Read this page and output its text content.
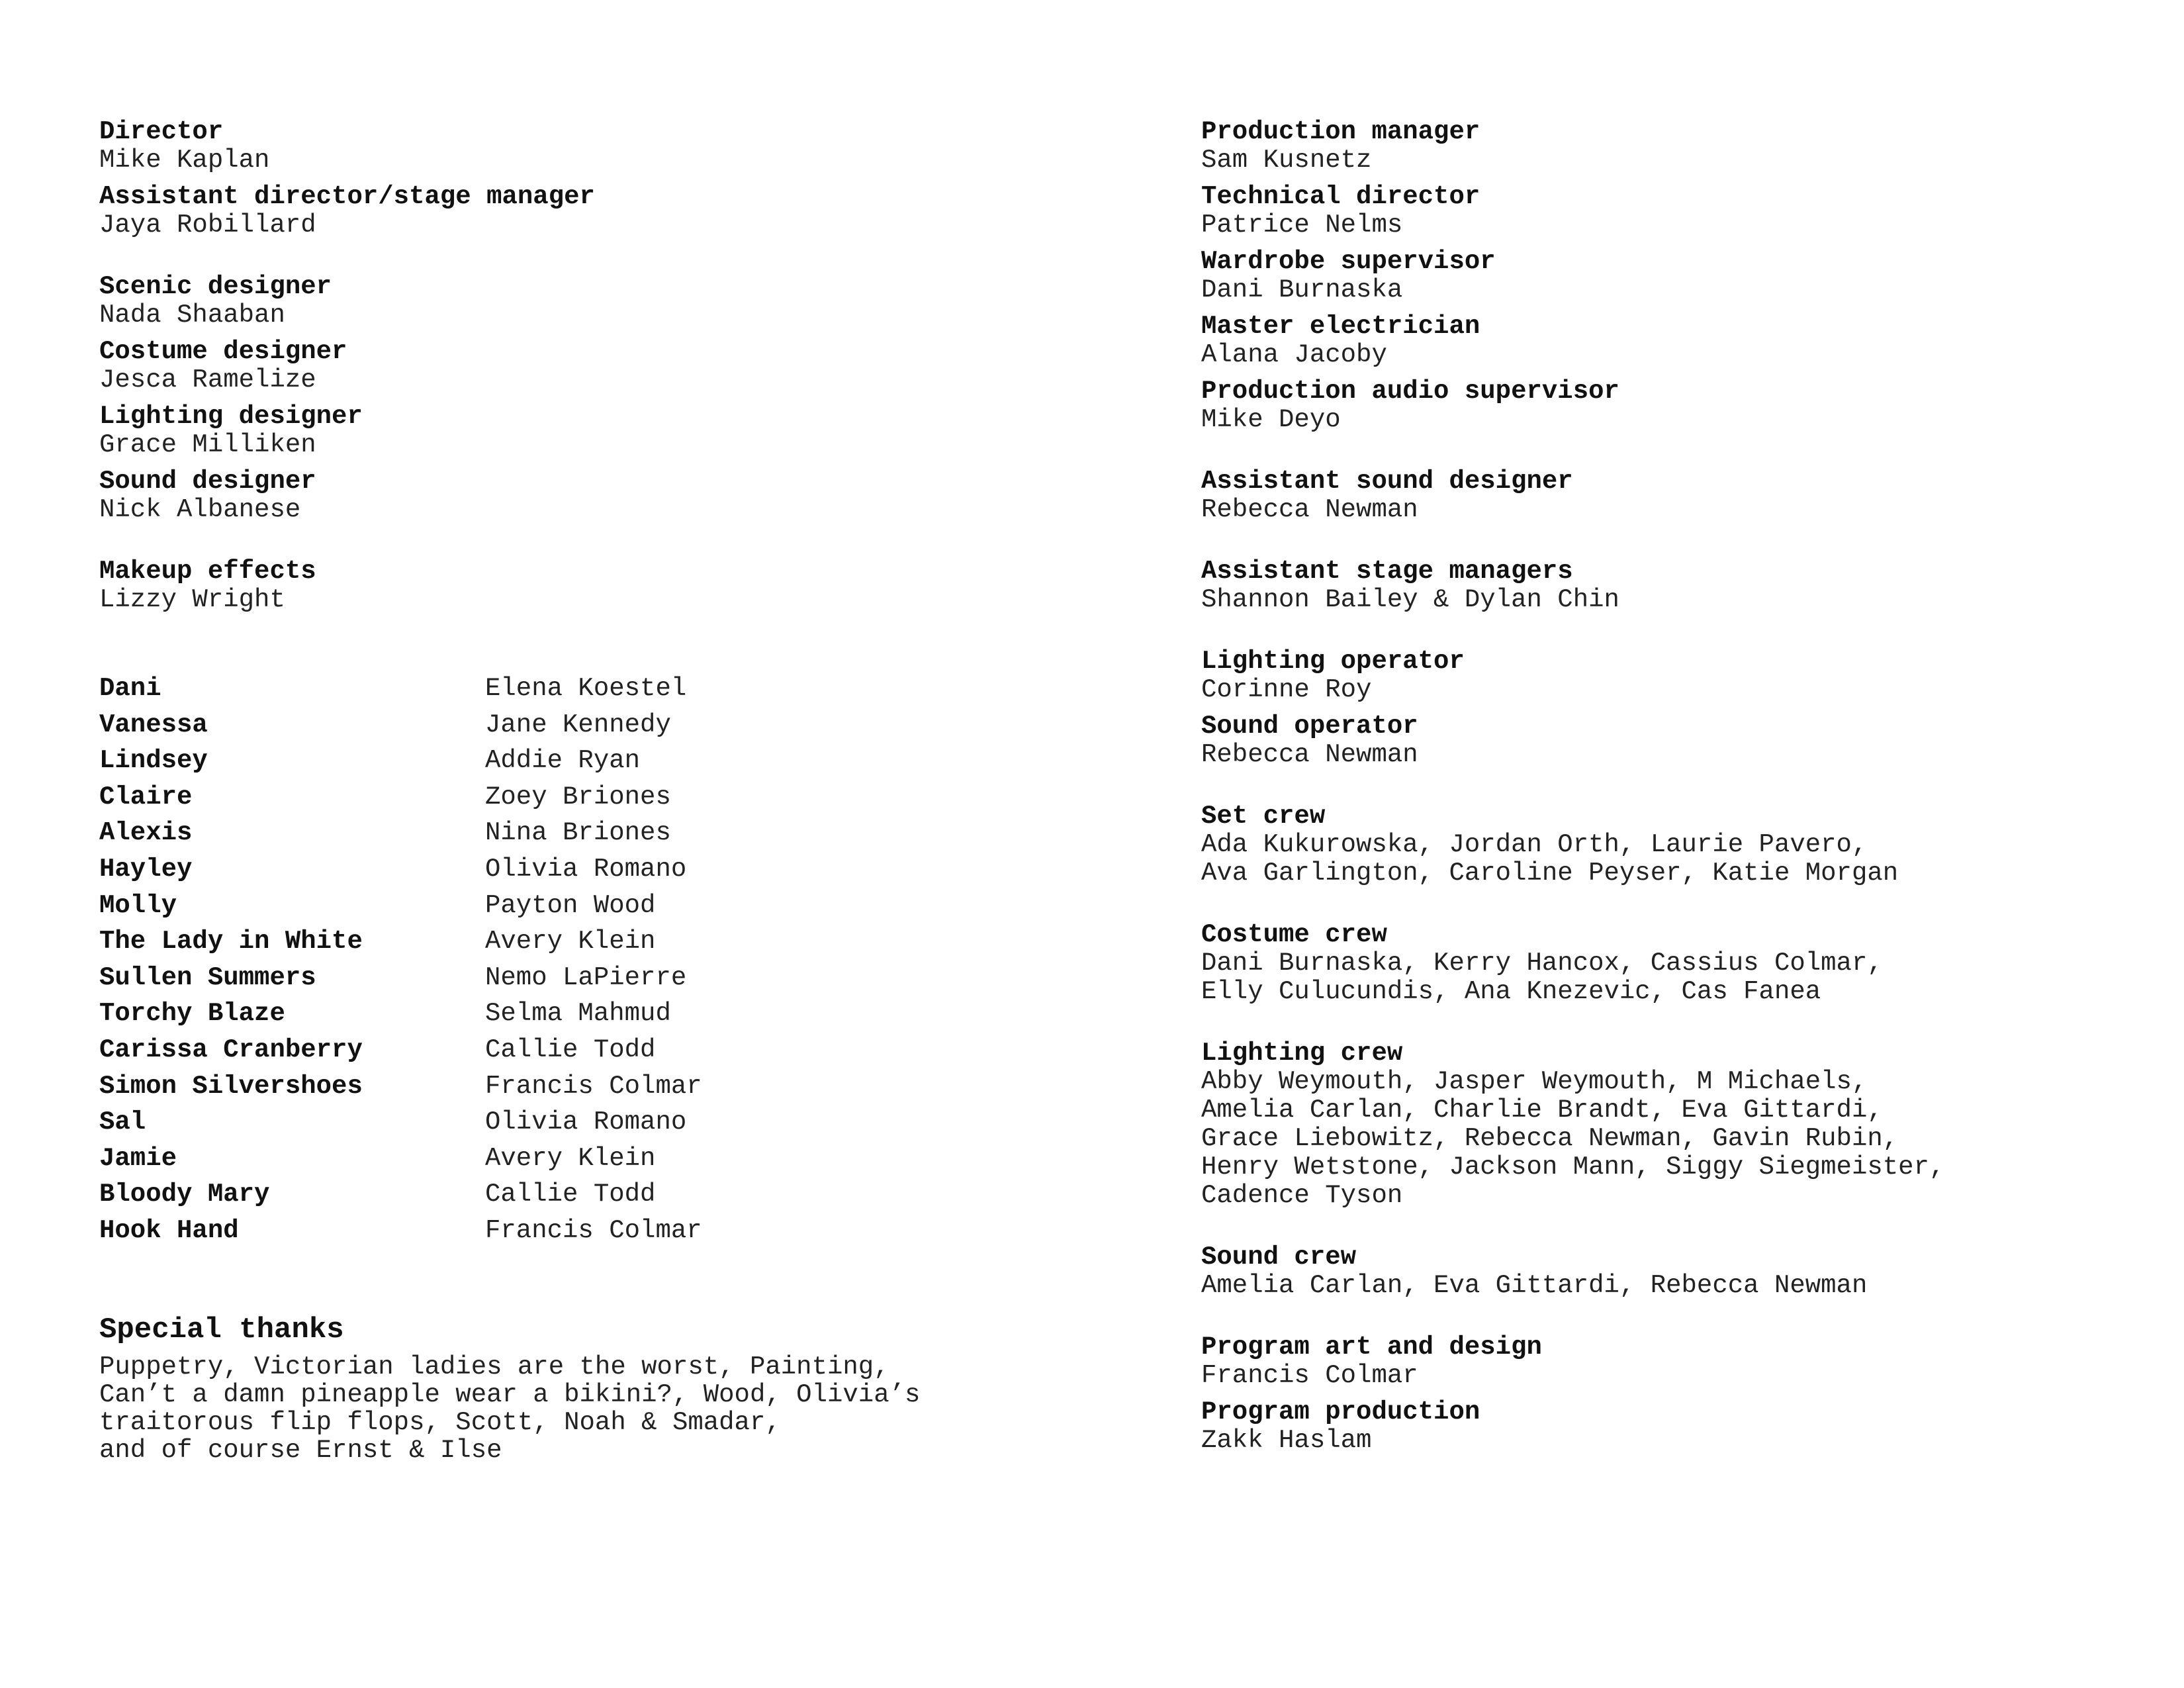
Director
Mike Kaplan
Assistant director/stage manager
Jaya Robillard
Scenic designer
Nada Shaaban
Costume designer
Jesca Ramelize
Lighting designer
Grace Milliken
Sound designer
Nick Albanese
Makeup effects
Lizzy Wright
Dani	Elena Koestel
Vanessa	Jane Kennedy
Lindsey	Addie Ryan
Claire	Zoey Briones
Alexis	Nina Briones
Hayley	Olivia Romano
Molly	Payton Wood
The Lady in White	Avery Klein
Sullen Summers	Nemo LaPierre
Torchy Blaze	Selma Mahmud
Carissa Cranberry	Callie Todd
Simon Silvershoes	Francis Colmar
Sal	Olivia Romano
Jamie	Avery Klein
Bloody Mary	Callie Todd
Hook Hand	Francis Colmar
Special thanks
Puppetry, Victorian ladies are the worst, Painting,
Can’t a damn pineapple wear a bikini?, Wood, Olivia’s
traitorous flip flops, Scott, Noah & Smadar,
and of course Ernst & Ilse
Production manager
Sam Kusnetz
Technical director
Patrice Nelms
Wardrobe supervisor
Dani Burnaska
Master electrician
Alana Jacoby
Production audio supervisor
Mike Deyo
Assistant sound designer
Rebecca Newman
Assistant stage managers
Shannon Bailey & Dylan Chin
Lighting operator
Corinne Roy
Sound operator
Rebecca Newman
Set crew
Ada Kukurowska, Jordan Orth, Laurie Pavero,
Ava Garlington, Caroline Peyser, Katie Morgan
Costume crew
Dani Burnaska, Kerry Hancox, Cassius Colmar,
Elly Culucundis, Ana Knezevic, Cas Fanea
Lighting crew
Abby Weymouth, Jasper Weymouth, M Michaels,
Amelia Carlan, Charlie Brandt, Eva Gittardi,
Grace Liebowitz, Rebecca Newman, Gavin Rubin,
Henry Wetstone, Jackson Mann, Siggy Siegmeister,
Cadence Tyson
Sound crew
Amelia Carlan, Eva Gittardi, Rebecca Newman
Program art and design
Francis Colmar
Program production
Zakk Haslam
